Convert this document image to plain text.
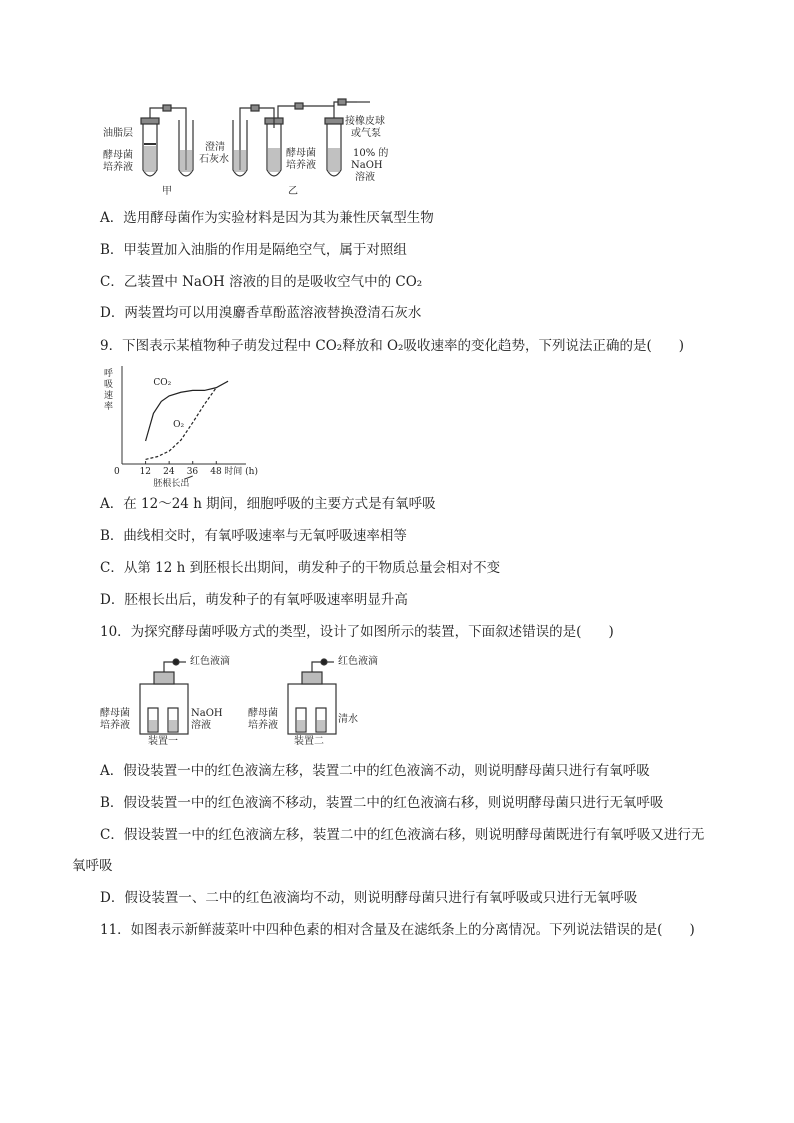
油脂层
酵母菌
培养液
澄清
石灰水
酵母菌
培养液
接橡皮球
或气泵
10% 的
NaOH
溶液
甲	乙
A．选用酵母菌作为实验材料是因为其为兼性厌氧型生物
B．甲装置加入油脂的作用是隔绝空气，属于对照组
C．乙装置中 NaOH 溶液的目的是吸收空气中的 CO₂
D．两装置均可以用溴麝香草酚蓝溶液替换澄清石灰水
9．下图表示某植物种子萌发过程中 CO₂释放和 O₂吸收速率的变化趋势，下列说法正确的是(　　)
呼吸速率
0 12 24 36 48 时间 (h)
胚根长出
CO₂
O₂
A．在 12～24 h 期间，细胞呼吸的主要方式是有氧呼吸
B．曲线相交时，有氧呼吸速率与无氧呼吸速率相等
C．从第 12 h 到胚根长出期间，萌发种子的干物质总量会相对不变
D．胚根长出后，萌发种子的有氧呼吸速率明显升高
10．为探究酵母菌呼吸方式的类型，设计了如图所示的装置，下面叙述错误的是(　　)
红色液滴
酵母菌
培养液
NaOH
溶液
装置一
红色液滴
酵母菌
培养液
清水
装置二
A．假设装置一中的红色液滴左移，装置二中的红色液滴不动，则说明酵母菌只进行有氧呼吸
B．假设装置一中的红色液滴不移动，装置二中的红色液滴右移，则说明酵母菌只进行无氧呼吸
C．假设装置一中的红色液滴左移，装置二中的红色液滴右移，则说明酵母菌既进行有氧呼吸又进行无
氧呼吸
D．假设装置一、二中的红色液滴均不动，则说明酵母菌只进行有氧呼吸或只进行无氧呼吸
11．如图表示新鲜菠菜叶中四种色素的相对含量及在滤纸条上的分离情况。下列说法错误的是(　　)
